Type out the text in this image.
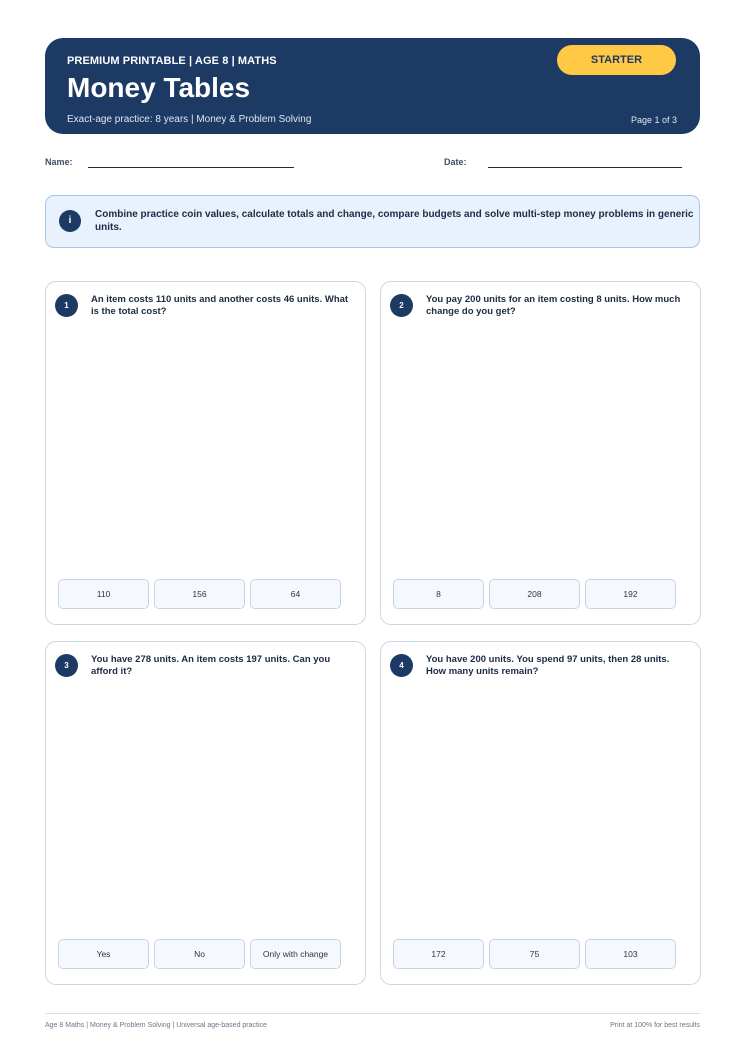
PREMIUM PRINTABLE | AGE 8 | MATHS
Money Tables
Exact-age practice: 8 years | Money & Problem Solving
STARTER
Page 1 of 3
Name:	Date:
i
Combine practice coin values, calculate totals and change, compare budgets and solve multi-step money problems in generic units.
1
An item costs 110 units and another costs 46 units. What is the total cost?
110	156	64
2
You pay 200 units for an item costing 8 units. How much change do you get?
8	208	192
3
You have 278 units. An item costs 197 units. Can you afford it?
Yes	No	Only with change
4
You have 200 units. You spend 97 units, then 28 units. How many units remain?
172	75	103
Age 8 Maths | Money & Problem Solving | Universal age-based practice	Print at 100% for best results
